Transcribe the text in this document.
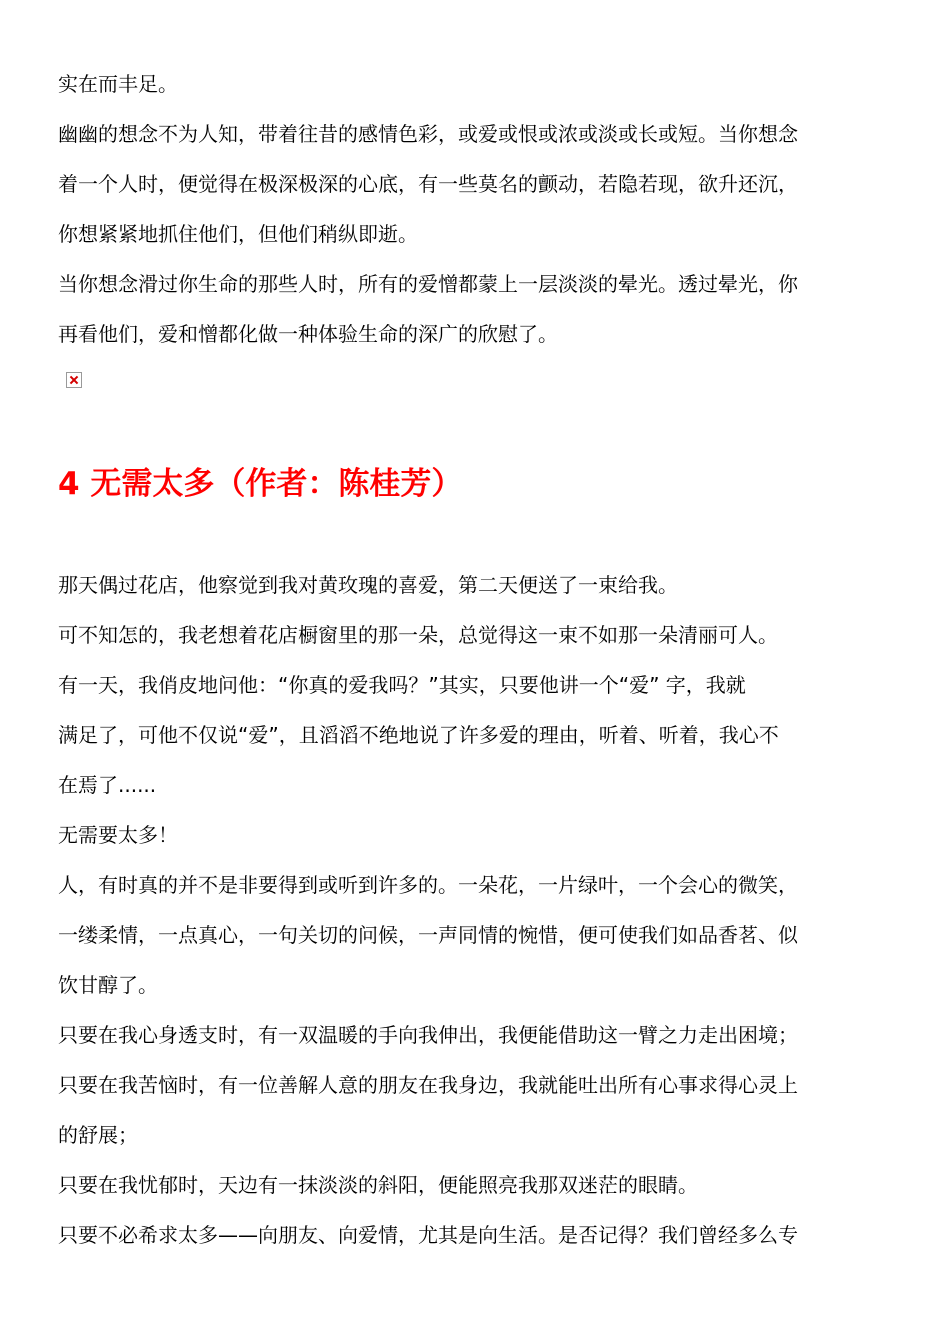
实在而丰足。
幽幽的想念不为人知，带着往昔的感情色彩，或爱或恨或浓或淡或长或短。当你想念
着一个人时，便觉得在极深极深的心底，有一些莫名的颤动，若隐若现，欲升还沉，
你想紧紧地抓住他们，但他们稍纵即逝。
当你想念滑过你生命的那些人时，所有的爱憎都蒙上一层淡淡的晕光。透过晕光，你
再看他们，爱和憎都化做一种体验生命的深广的欣慰了。
4 无需太多（作者：陈桂芳）
那天偶过花店，他察觉到我对黄玫瑰的喜爱，第二天便送了一束给我。
可不知怎的，我老想着花店橱窗里的那一朵，总觉得这一束不如那一朵清丽可人。
有一天，我俏皮地问他：“你真的爱我吗？”其实，只要他讲一个“爱” 字，我就
满足了，可他不仅说“爱”，且滔滔不绝地说了许多爱的理由，听着、听着，我心不
在焉了......
无需要太多！
人，有时真的并不是非要得到或听到许多的。一朵花，一片绿叶，一个会心的微笑，
一缕柔情，一点真心，一句关切的问候，一声同情的惋惜，便可使我们如品香茗、似
饮甘醇了。
只要在我心身透支时，有一双温暖的手向我伸出，我便能借助这一臂之力走出困境；
只要在我苦恼时，有一位善解人意的朋友在我身边，我就能吐出所有心事求得心灵上
的舒展；
只要在我忧郁时，天边有一抹淡淡的斜阳，便能照亮我那双迷茫的眼睛。
只要不必希求太多——向朋友、向爱情，尤其是向生活。是否记得？我们曾经多么专
